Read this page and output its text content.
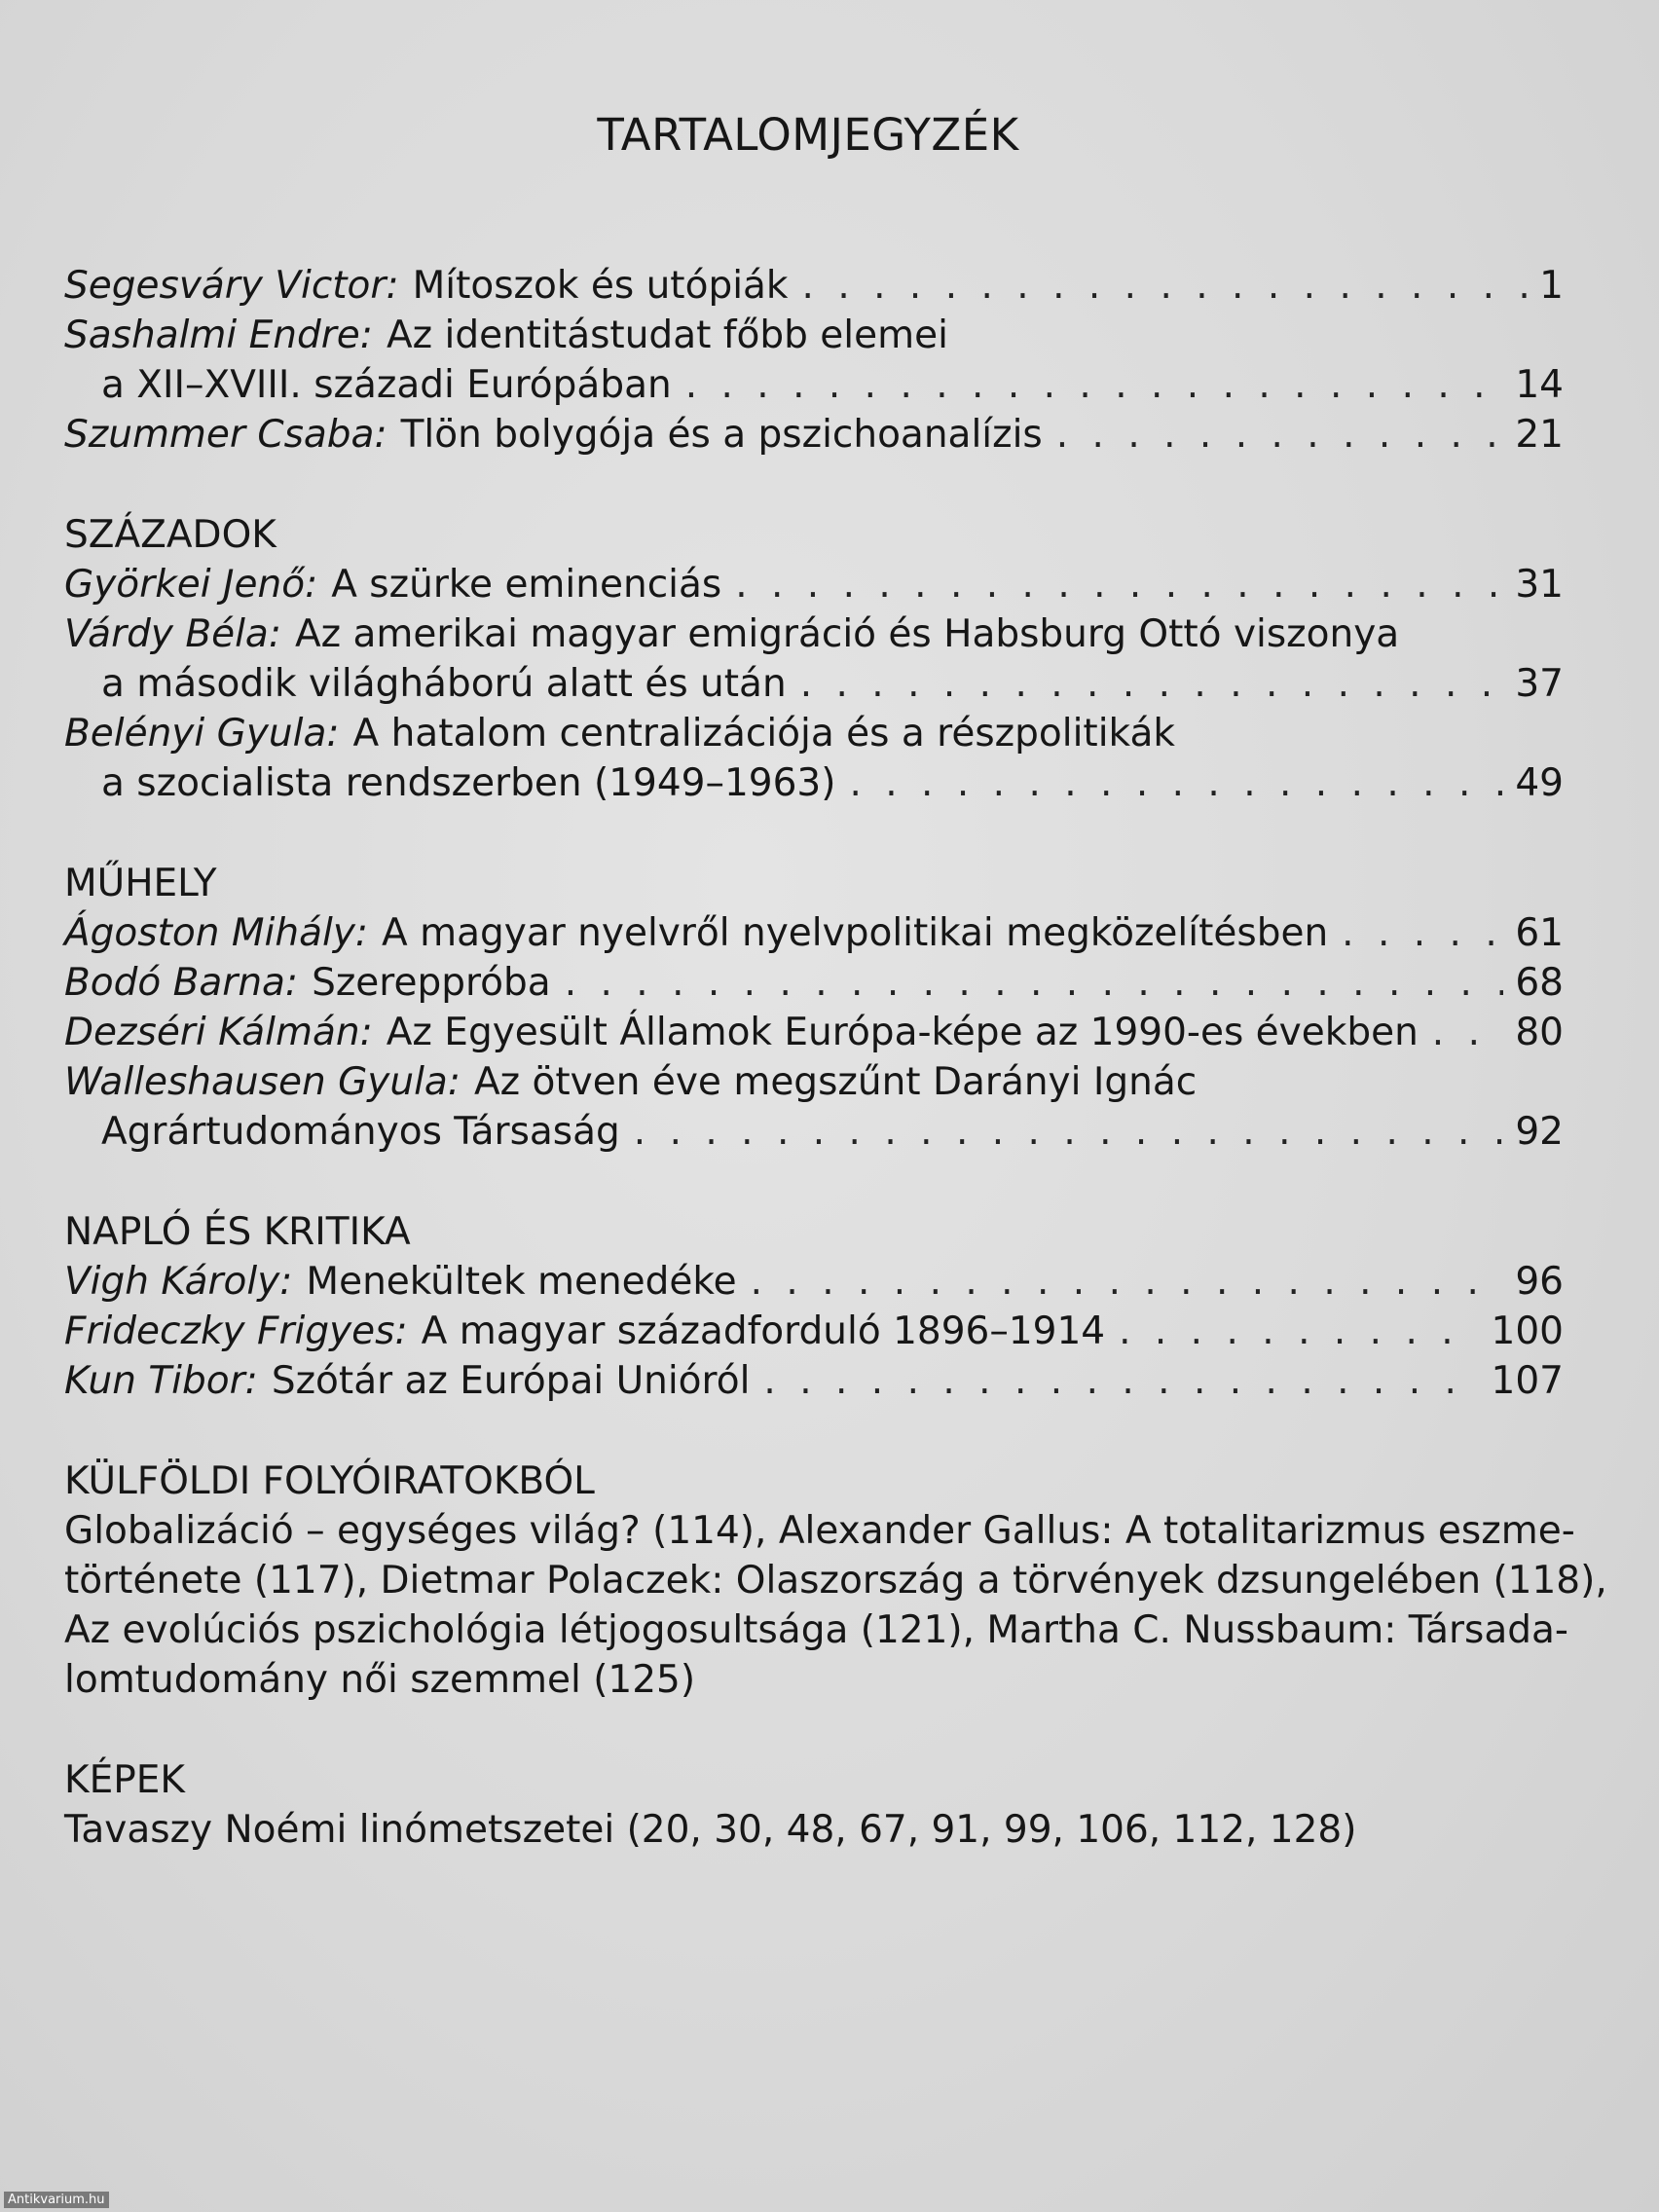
TARTALOMJEGYZÉK
Segesváry Victor: Mítoszok és utópiák . . .	1
Sashalmi Endre: Az identitástudat főbb elemei
a XII–XVIII. századi Európában . . .	14
Szummer Csaba: Tlön bolygója és a pszichoanalízis . . .	21
SZÁZADOK
Györkei Jenő: A szürke eminenciás . . .	31
Várdy Béla: Az amerikai magyar emigráció és Habsburg Ottó viszonya
a második világháború alatt és után . . .	37
Belényi Gyula: A hatalom centralizációja és a részpolitikák
a szocialista rendszerben (1949–1963) . . .	49
MŰHELY
Ágoston Mihály: A magyar nyelvről nyelvpolitikai megközelítésben . . .	61
Bodó Barna: Szereppróba . . .	68
Dezséri Kálmán: Az Egyesült Államok Európa-képe az 1990-es években . . .	80
Walleshausen Gyula: Az ötven éve megszűnt Darányi Ignác
Agrártudományos Társaság . . .	92
NAPLÓ ÉS KRITIKA
Vigh Károly: Menekültek menedéke . . .	96
Frideczky Frigyes: A magyar századforduló 1896–1914 . . .	100
Kun Tibor: Szótár az Európai Unióról . . .	107
KÜLFÖLDI FOLYÓIRATOKBÓL
Globalizáció – egységes világ? (114), Alexander Gallus: A totalitarizmus eszme-
története (117), Dietmar Polaczek: Olaszország a törvények dzsungelében (118),
Az evolúciós pszichológia létjogosultsága (121), Martha C. Nussbaum: Társada-
lomtudomány női szemmel (125)
KÉPEK
Tavaszy Noémi linómetszetei (20, 30, 48, 67, 91, 99, 106, 112, 128)
Antikvarium.hu
